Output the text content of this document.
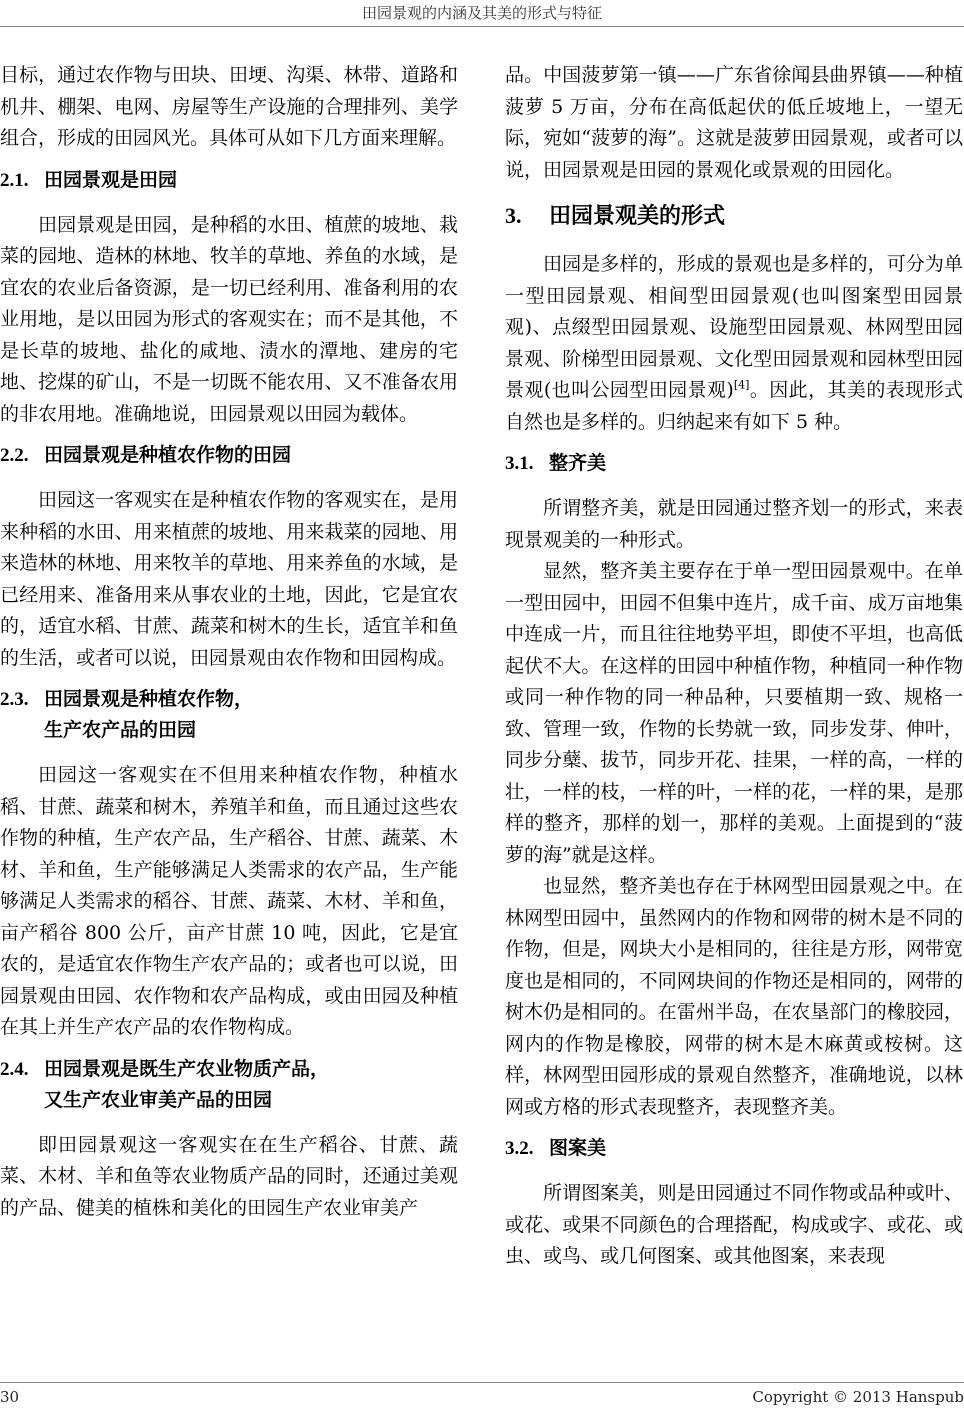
田园景观的内涵及其美的形式与特征

目标，通过农作物与田块、田埂、沟渠、林带、道路和机井、棚架、电网、房屋等生产设施的合理排列、美学组合，形成的田园风光。具体可从如下几方面来理解。

2.1. 田园景观是田园

田园景观是田园，是种稻的水田、植蔗的坡地、栽菜的园地、造林的林地、牧羊的草地、养鱼的水域，是宜农的农业后备资源，是一切已经利用、准备利用的农业用地，是以田园为形式的客观实在；而不是其他，不是长草的坡地、盐化的咸地、渍水的潭地、建房的宅地、挖煤的矿山，不是一切既不能农用、又不准备农用的非农用地。准确地说，田园景观以田园为载体。

2.2. 田园景观是种植农作物的田园

田园这一客观实在是种植农作物的客观实在，是用来种稻的水田、用来植蔗的坡地、用来栽菜的园地、用来造林的林地、用来牧羊的草地、用来养鱼的水域，是已经用来、准备用来从事农业的土地，因此，它是宜农的，适宜水稻、甘蔗、蔬菜和树木的生长，适宜羊和鱼的生活，或者可以说，田园景观由农作物和田园构成。

2.3. 田园景观是种植农作物，
生产农产品的田园

田园这一客观实在不但用来种植农作物，种植水稻、甘蔗、蔬菜和树木，养殖羊和鱼，而且通过这些农作物的种植，生产农产品，生产稻谷、甘蔗、蔬菜、木材、羊和鱼，生产能够满足人类需求的农产品，生产能够满足人类需求的稻谷、甘蔗、蔬菜、木材、羊和鱼，亩产稻谷 800 公斤，亩产甘蔗 10 吨，因此，它是宜农的，是适宜农作物生产农产品的；或者也可以说，田园景观由田园、农作物和农产品构成，或由田园及种植在其上并生产农产品的农作物构成。

2.4. 田园景观是既生产农业物质产品，
又生产农业审美产品的田园

即田园景观这一客观实在在生产稻谷、甘蔗、蔬菜、木材、羊和鱼等农业物质产品的同时，还通过美观的产品、健美的植株和美化的田园生产农业审美产

品。中国菠萝第一镇——广东省徐闻县曲界镇——种植菠萝 5 万亩，分布在高低起伏的低丘坡地上，一望无际，宛如“菠萝的海”。这就是菠萝田园景观，或者可以说，田园景观是田园的景观化或景观的田园化。

3. 田园景观美的形式

田园是多样的，形成的景观也是多样的，可分为单一型田园景观、相间型田园景观(也叫图案型田园景观)、点缀型田园景观、设施型田园景观、林网型田园景观、阶梯型田园景观、文化型田园景观和园林型田园景观(也叫公园型田园景观)[4]。因此，其美的表现形式自然也是多样的。归纳起来有如下 5 种。

3.1. 整齐美

所谓整齐美，就是田园通过整齐划一的形式，来表现景观美的一种形式。

显然，整齐美主要存在于单一型田园景观中。在单一型田园中，田园不但集中连片，成千亩、成万亩地集中连成一片，而且往往地势平坦，即使不平坦，也高低起伏不大。在这样的田园中种植作物，种植同一种作物或同一种作物的同一种品种，只要植期一致、规格一致、管理一致，作物的长势就一致，同步发芽、伸叶，同步分蘖、拔节，同步开花、挂果，一样的高，一样的壮，一样的枝，一样的叶，一样的花，一样的果，是那样的整齐，那样的划一，那样的美观。上面提到的“菠萝的海”就是这样。

也显然，整齐美也存在于林网型田园景观之中。在林网型田园中，虽然网内的作物和网带的树木是不同的作物，但是，网块大小是相同的，往往是方形，网带宽度也是相同的，不同网块间的作物还是相同的，网带的树木仍是相同的。在雷州半岛，在农垦部门的橡胶园，网内的作物是橡胶，网带的树木是木麻黄或桉树。这样，林网型田园形成的景观自然整齐，准确地说，以林网或方格的形式表现整齐，表现整齐美。

3.2. 图案美

所谓图案美，则是田园通过不同作物或品种或叶、或花、或果不同颜色的合理搭配，构成或字、或花、或虫、或鸟、或几何图案、或其他图案，来表现

30	Copyright © 2013 Hanspub
